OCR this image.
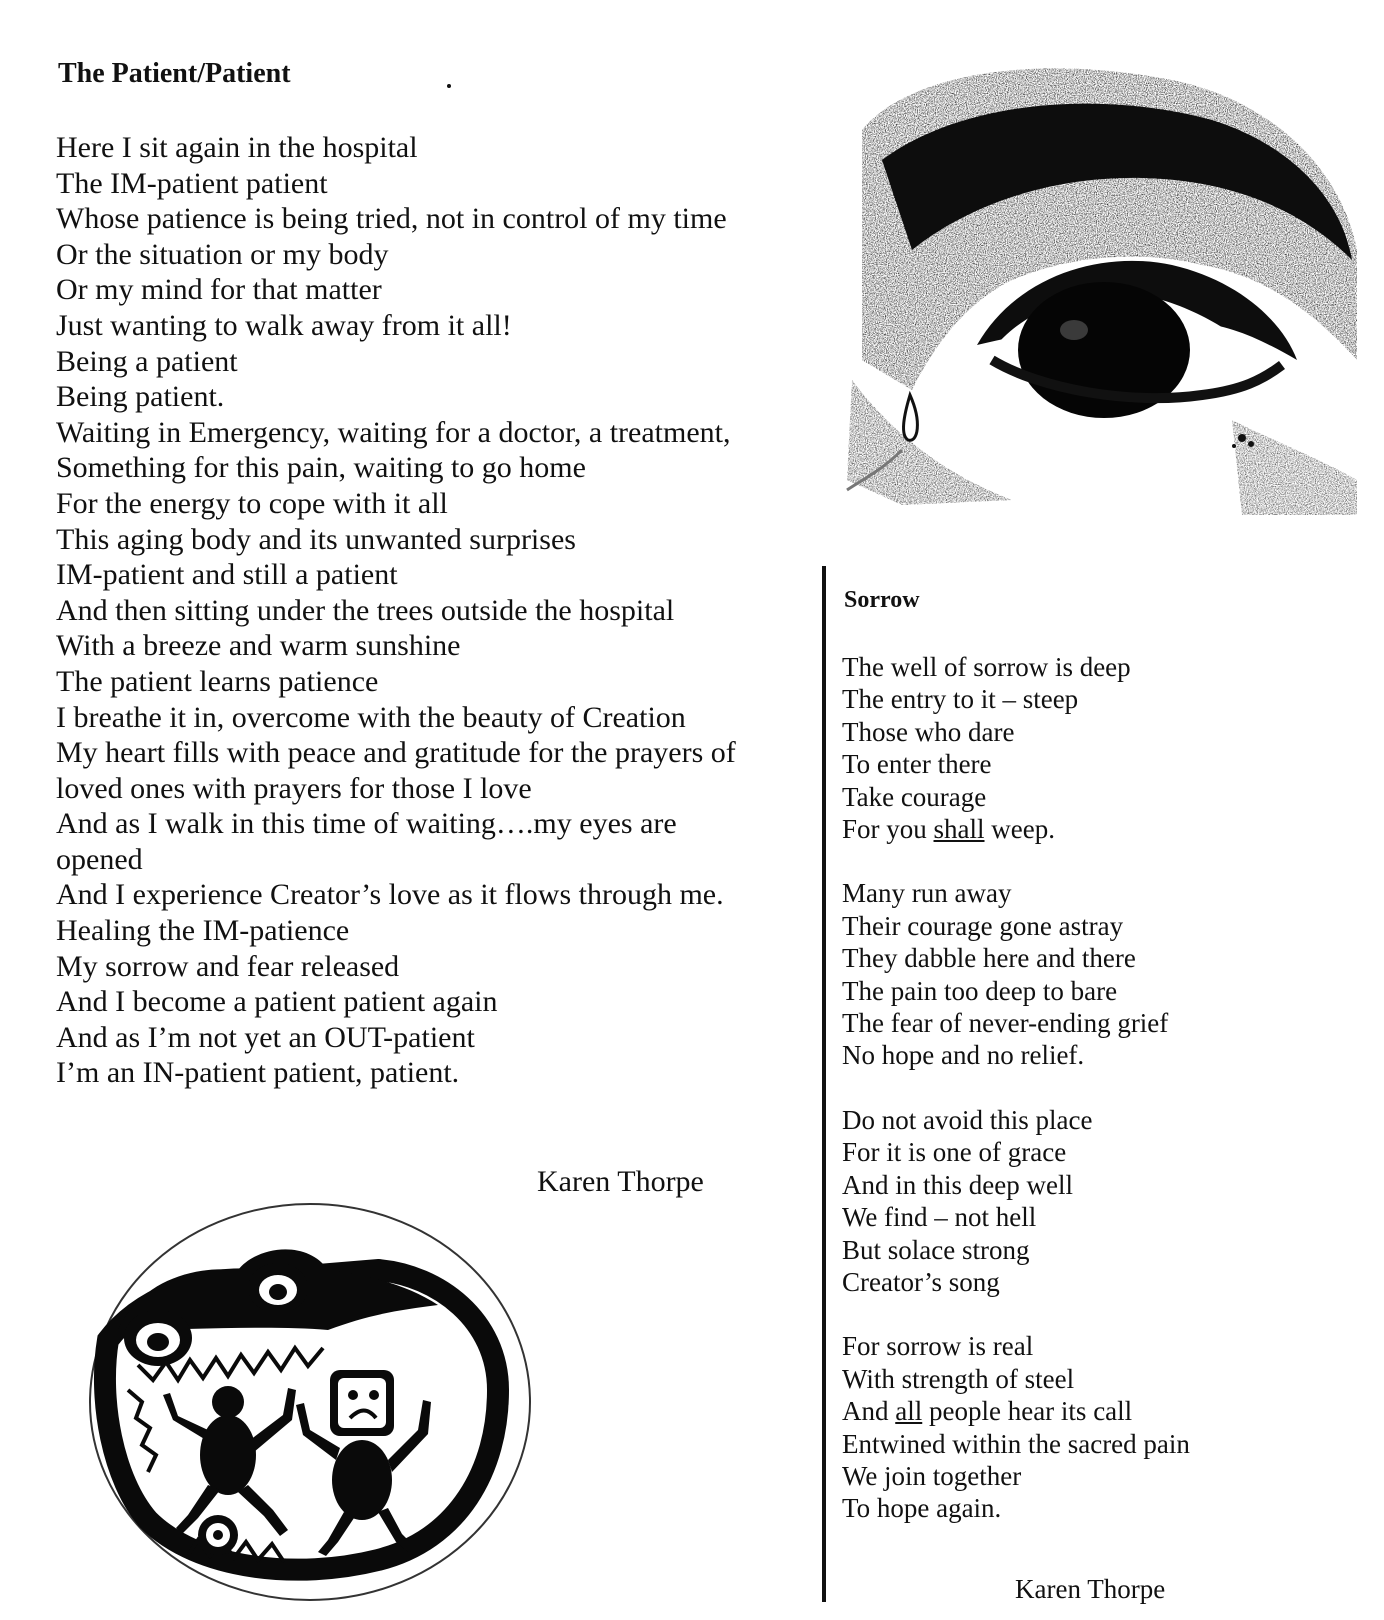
The Patient/Patient
Here I sit again in the hospital
The IM-patient patient
Whose patience is being tried, not in control of my time
Or the situation or my body
Or my mind for that matter
Just wanting to walk away from it all!
Being a patient
Being patient.
Waiting in Emergency, waiting for a doctor, a treatment,
Something for this pain, waiting to go home
For the energy to cope with it all
This aging body and its unwanted surprises
IM-patient and still a patient
And then sitting under the trees outside the hospital
With a breeze and warm sunshine
The patient learns patience
I breathe it in, overcome with the beauty of Creation
My heart fills with peace and gratitude for the prayers of
loved ones with prayers for those I love
And as I walk in this time of waiting….my eyes are
opened
And I experience Creator’s love as it flows through me.
Healing the IM-patience
My sorrow and fear released
And I become a patient patient again
And as I’m not yet an OUT-patient
I’m an IN-patient patient, patient.
Karen Thorpe
Sorrow
The well of sorrow is deep
The entry to it – steep
Those who dare
To enter there
Take courage
For you shall weep.
Many run away
Their courage gone astray
They dabble here and there
The pain too deep to bare
The fear of never-ending grief
No hope and no relief.
Do not avoid this place
For it is one of grace
And in this deep well
We find – not hell
But solace strong
Creator’s song
For sorrow is real
With strength of steel
And all people hear its call
Entwined within the sacred pain
We join together
To hope again.
Karen Thorpe
